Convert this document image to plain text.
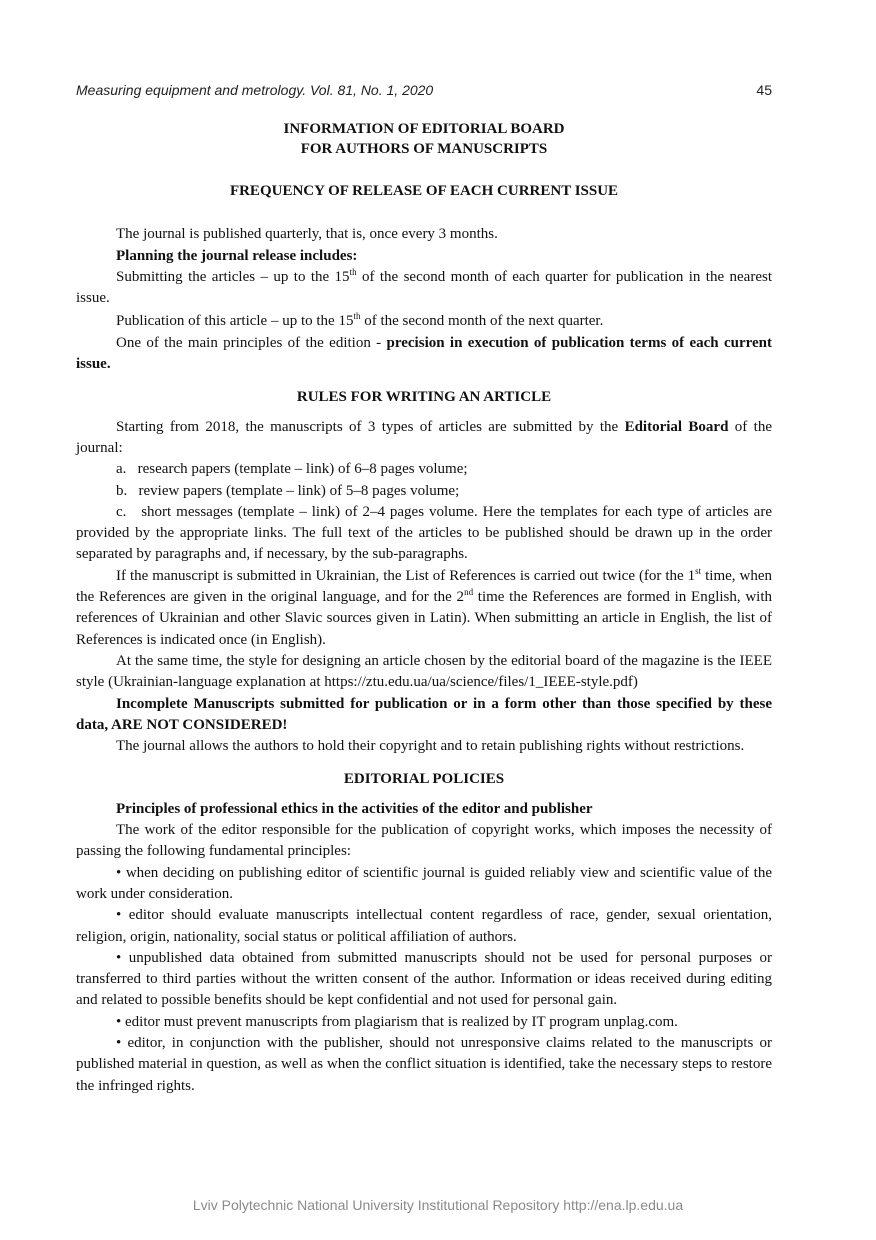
Measuring equipment and metrology. Vol. 81, No. 1, 2020	45

INFORMATION OF EDITORIAL BOARD
FOR AUTHORS OF MANUSCRIPTS

FREQUENCY OF RELEASE OF EACH CURRENT ISSUE

The journal is published quarterly, that is, once every 3 months.

Planning the journal release includes:

Submitting the articles – up to the 15th of the second month of each quarter for publication in the nearest issue.

Publication of this article – up to the 15th of the second month of the next quarter.

One of the main principles of the edition - precision in execution of publication terms of each current issue.

RULES FOR WRITING AN ARTICLE

Starting from 2018, the manuscripts of 3 types of articles are submitted by the Editorial Board of the journal:

a.   research papers (template – link) of 6–8 pages volume;

b.   review papers (template – link) of 5–8 pages volume;

c.   short messages (template – link) of 2–4 pages volume. Here the templates for each type of articles are provided by the appropriate links. The full text of the articles to be published should be drawn up in the order separated by paragraphs and, if necessary, by the sub-paragraphs.

If the manuscript is submitted in Ukrainian, the List of References is carried out twice (for the 1st time, when the References are given in the original language, and for the 2nd time the References are formed in English, with references of Ukrainian and other Slavic sources given in Latin). When submitting an article in English, the list of References is indicated once (in English).

At the same time, the style for designing an article chosen by the editorial board of the magazine is the IEEE style (Ukrainian-language explanation at https://ztu.edu.ua/ua/science/files/1_IEEE-style.pdf)

Incomplete Manuscripts submitted for publication or in a form other than those specified by these data, ARE NOT CONSIDERED!

The journal allows the authors to hold their copyright and to retain publishing rights without restrictions.

EDITORIAL POLICIES

Principles of professional ethics in the activities of the editor and publisher

The work of the editor responsible for the publication of copyright works, which imposes the necessity of passing the following fundamental principles:

• when deciding on publishing editor of scientific journal is guided reliably view and scientific value of the work under consideration.

• editor should evaluate manuscripts intellectual content regardless of race, gender, sexual orientation, religion, origin, nationality, social status or political affiliation of authors.

• unpublished data obtained from submitted manuscripts should not be used for personal purposes or transferred to third parties without the written consent of the author. Information or ideas received during editing and related to possible benefits should be kept confidential and not used for personal gain.

• editor must prevent manuscripts from plagiarism that is realized by IT program unplag.com.

• editor, in conjunction with the publisher, should not unresponsive claims related to the manuscripts or published material in question, as well as when the conflict situation is identified, take the necessary steps to restore the infringed rights.

Lviv Polytechnic National University Institutional Repository http://ena.lp.edu.ua
